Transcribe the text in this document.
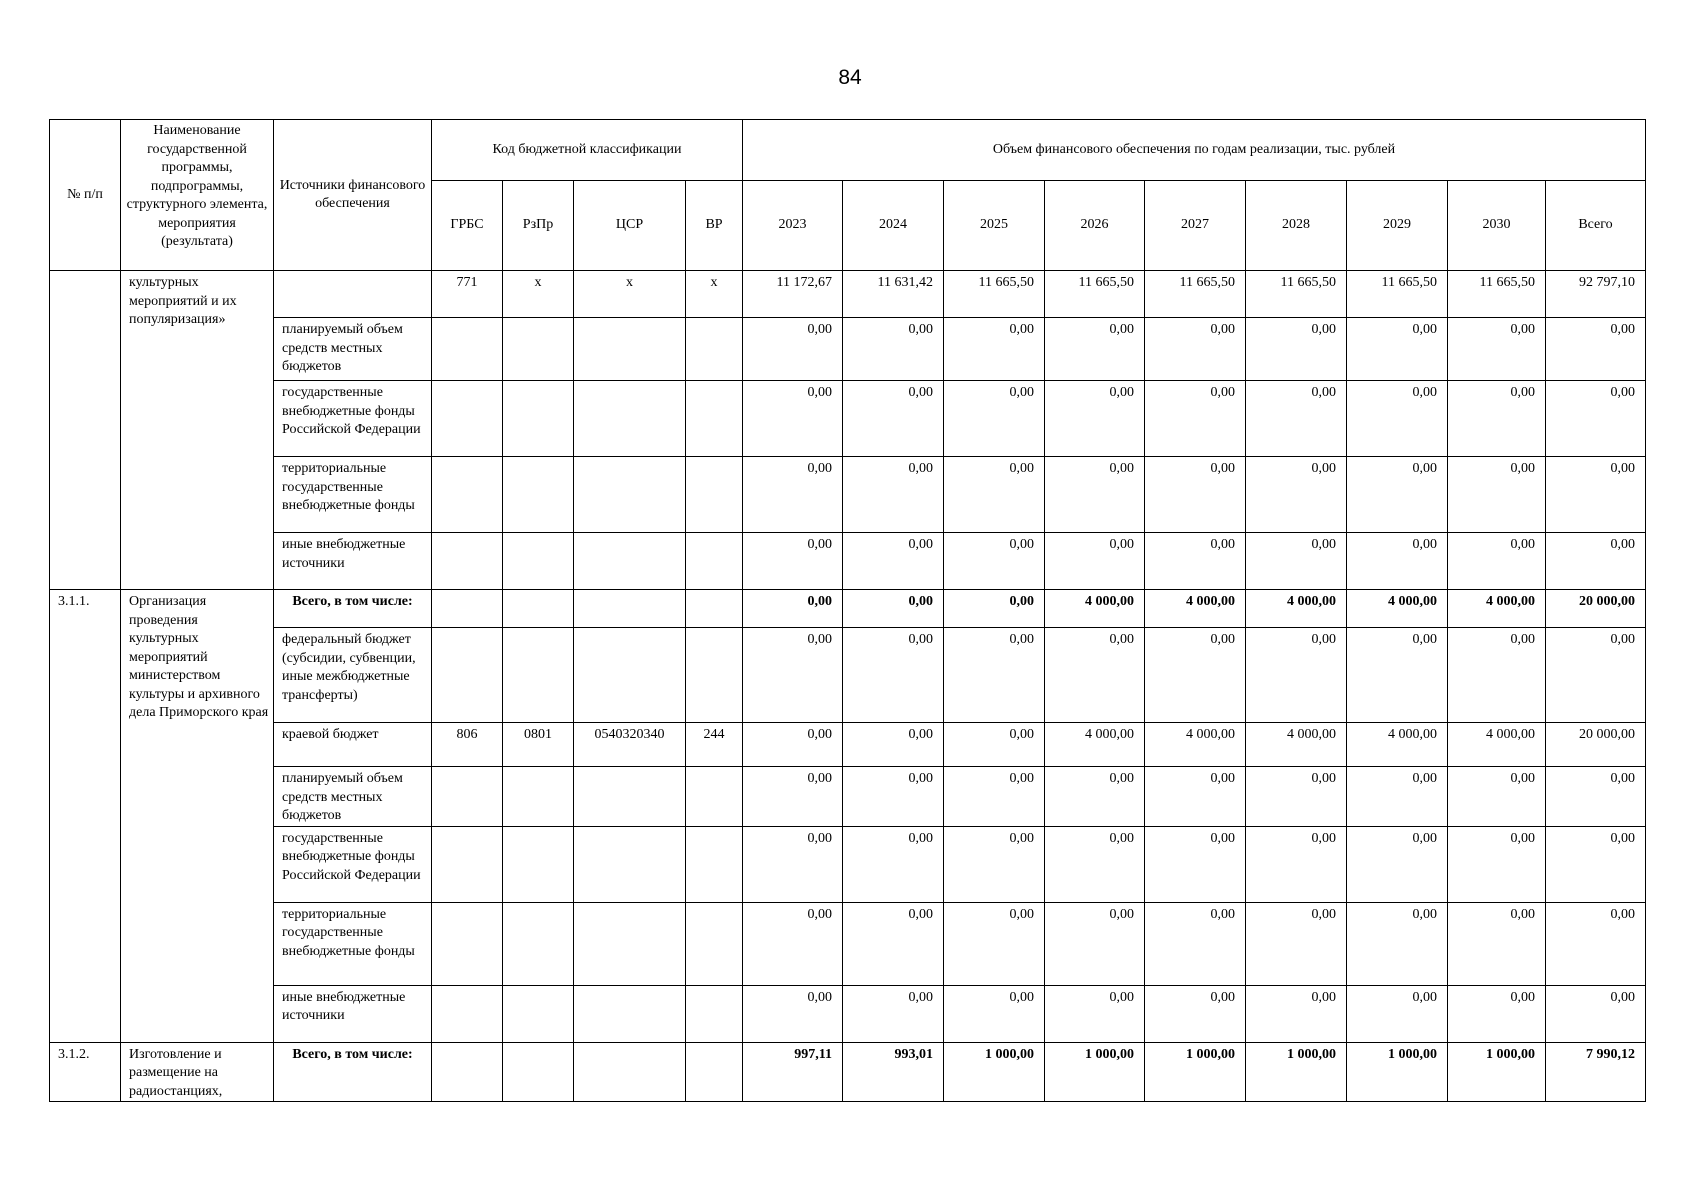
84
№ п/п	Наименование государственной программы, подпрограммы, структурного элемента, мероприятия (результата)	Источники финансового обеспечения	Код бюджетной классификации				Объем финансового обеспечения по годам реализации, тыс. рублей								
			ГРБС	РзПр	ЦСР	ВР	2023	2024	2025	2026	2027	2028	2029	2030	Всего
	культурных мероприятий и их популяризация»		771	x	x	x	11 172,67	11 631,42	11 665,50	11 665,50	11 665,50	11 665,50	11 665,50	11 665,50	92 797,10
		планируемый объем средств местных бюджетов					0,00	0,00	0,00	0,00	0,00	0,00	0,00	0,00	0,00
		государственные внебюджетные фонды Российской Федерации					0,00	0,00	0,00	0,00	0,00	0,00	0,00	0,00	0,00
		территориальные государственные внебюджетные фонды					0,00	0,00	0,00	0,00	0,00	0,00	0,00	0,00	0,00
		иные внебюджетные источники					0,00	0,00	0,00	0,00	0,00	0,00	0,00	0,00	0,00
3.1.1.	Организация проведения культурных мероприятий министерством культуры и архивного дела Приморского края	Всего, в том числе:					0,00	0,00	0,00	4 000,00	4 000,00	4 000,00	4 000,00	4 000,00	20 000,00
		федеральный бюджет (субсидии, субвенции, иные межбюджетные трансферты)					0,00	0,00	0,00	0,00	0,00	0,00	0,00	0,00	0,00
		краевой бюджет	806	0801	0540320340	244	0,00	0,00	0,00	4 000,00	4 000,00	4 000,00	4 000,00	4 000,00	20 000,00
		планируемый объем средств местных бюджетов					0,00	0,00	0,00	0,00	0,00	0,00	0,00	0,00	0,00
		государственные внебюджетные фонды Российской Федерации					0,00	0,00	0,00	0,00	0,00	0,00	0,00	0,00	0,00
		территориальные государственные внебюджетные фонды					0,00	0,00	0,00	0,00	0,00	0,00	0,00	0,00	0,00
		иные внебюджетные источники					0,00	0,00	0,00	0,00	0,00	0,00	0,00	0,00	0,00
3.1.2.	Изготовление и размещение на радиостанциях,	Всего, в том числе:					997,11	993,01	1 000,00	1 000,00	1 000,00	1 000,00	1 000,00	1 000,00	7 990,12
